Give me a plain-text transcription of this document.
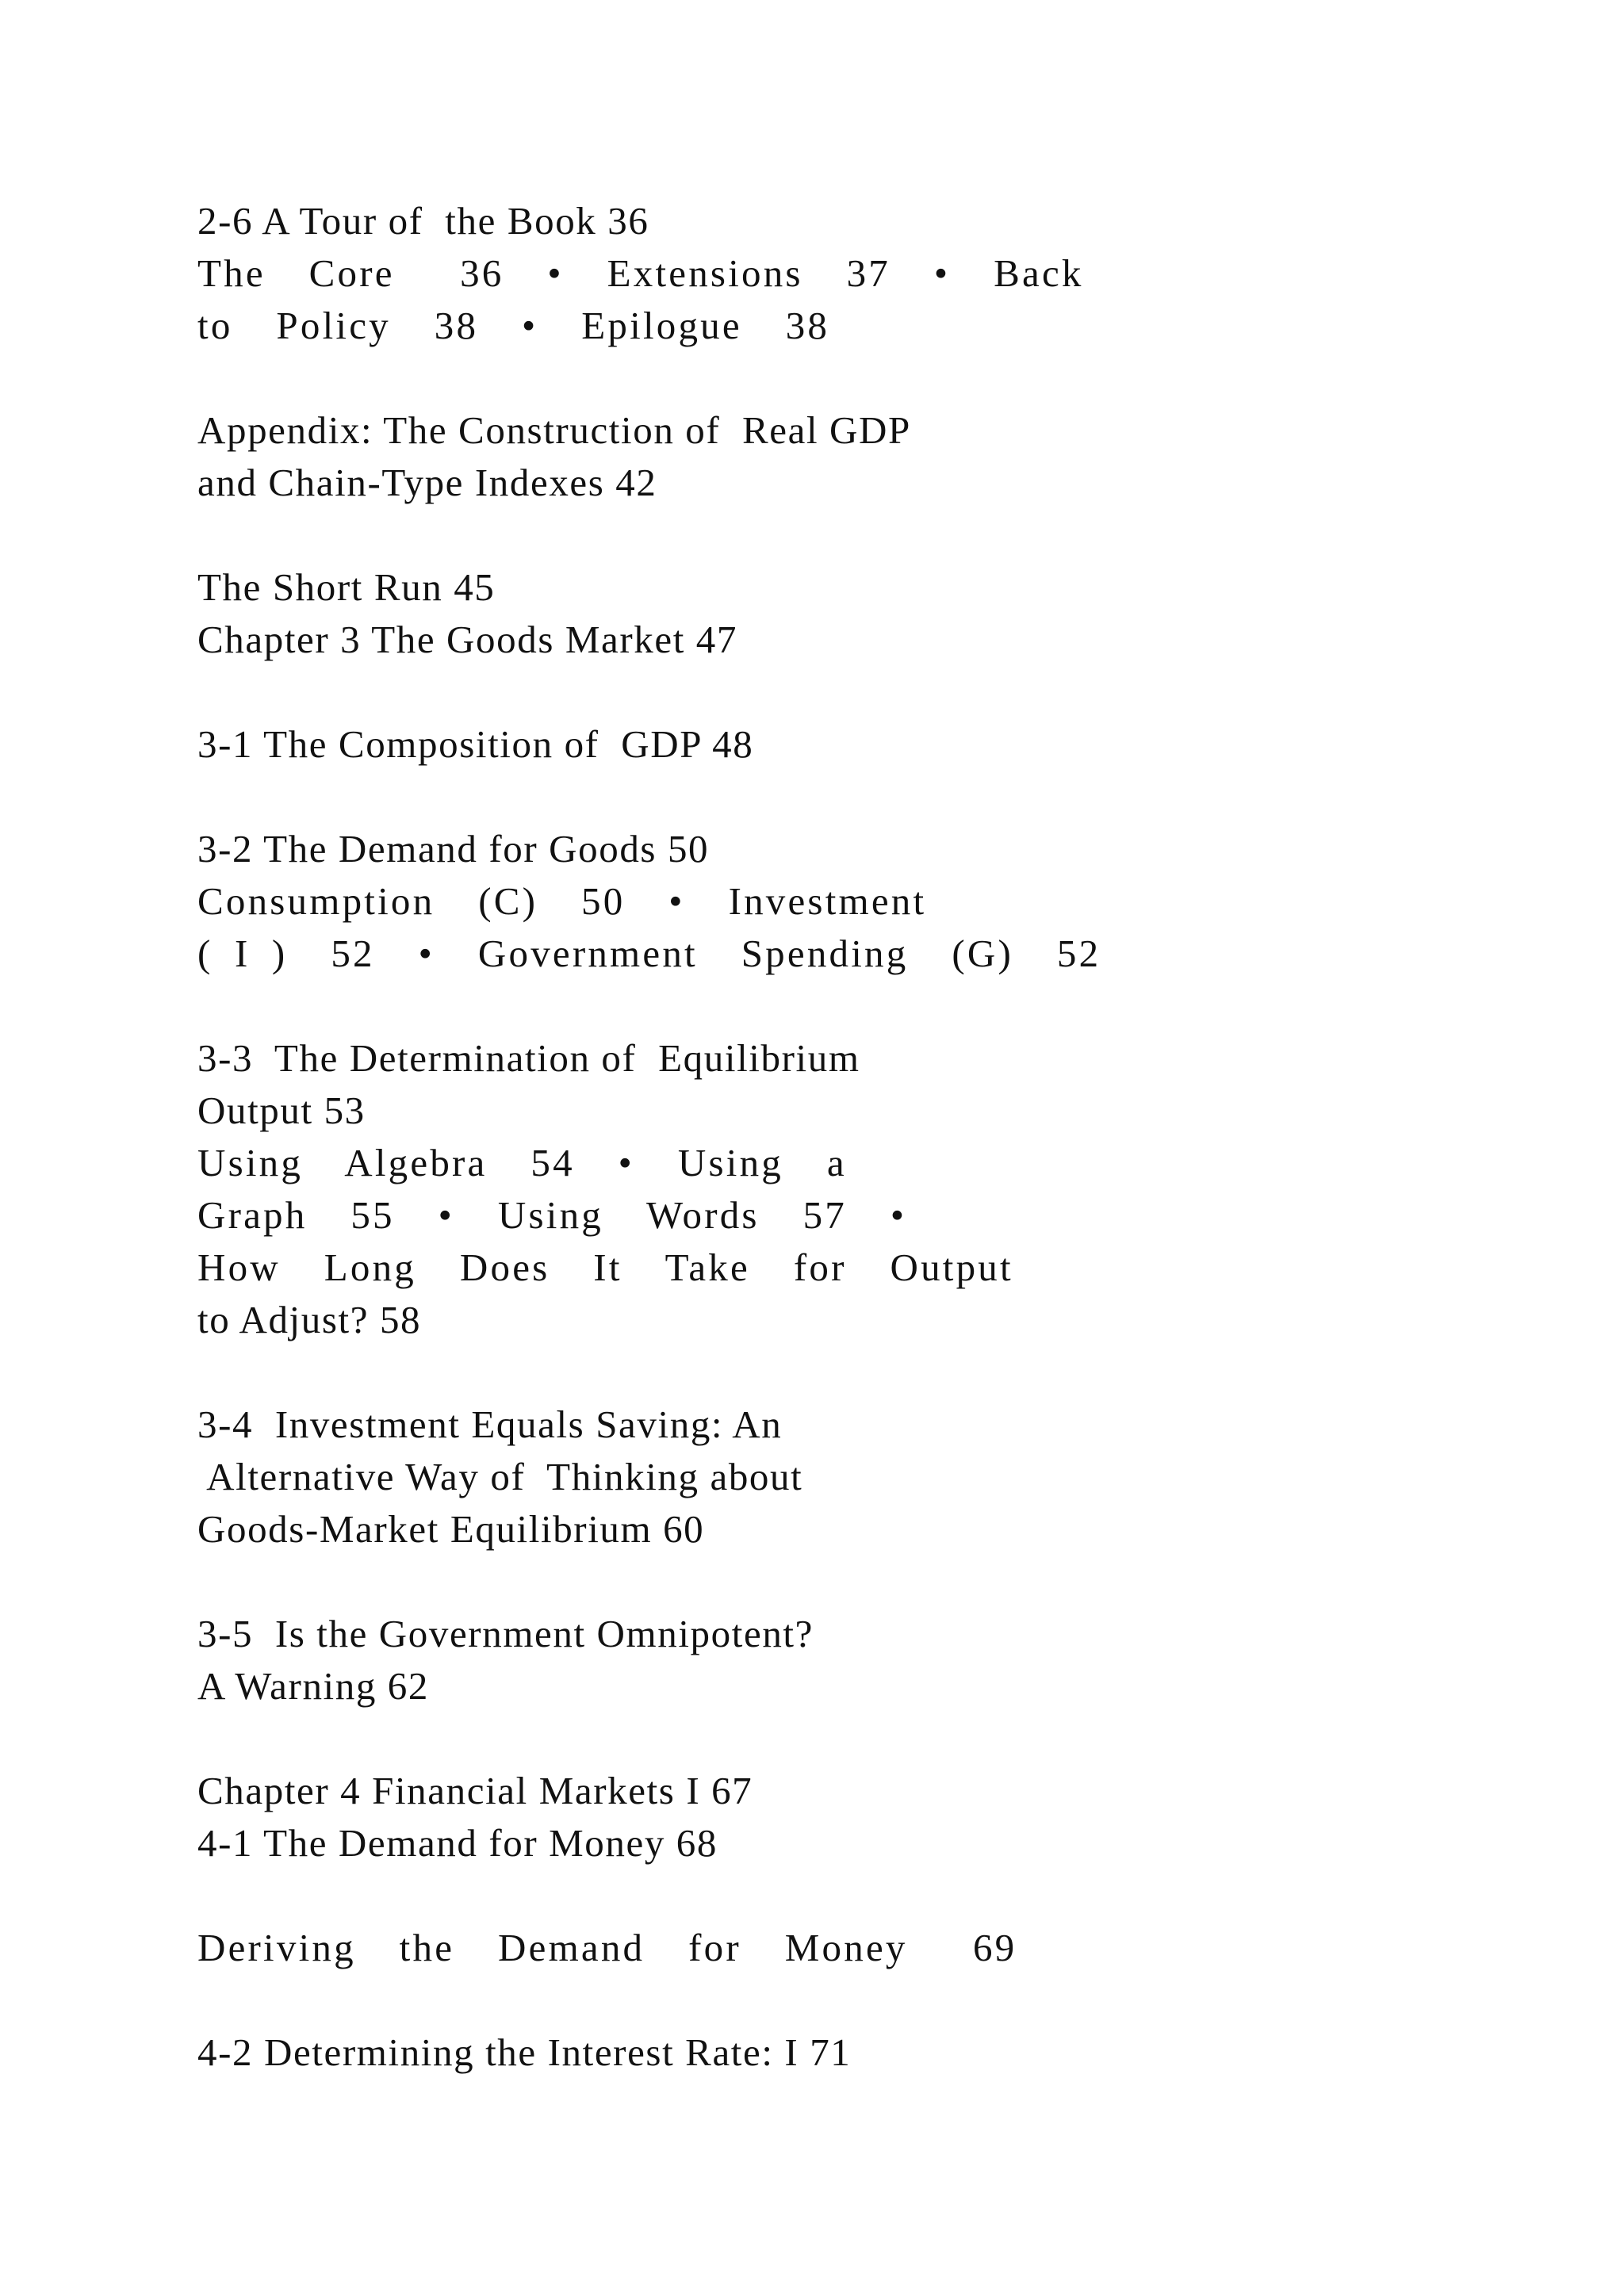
2-6 A Tour of  the Book 36
The  Core   36  •  Extensions  37  •  Back
to  Policy  38  •  Epilogue  38
Appendix: The Construction of  Real GDP
and Chain-Type Indexes 42
The Short Run 45
Chapter 3 The Goods Market 47
3-1 The Composition of  GDP 48
3-2 The Demand for Goods 50
Consumption  (C)  50  •  Investment
( I )  52  •  Government  Spending  (G)  52
3-3  The Determination of  Equilibrium
Output 53
Using  Algebra  54  •  Using  a
Graph  55  •  Using  Words  57  •
How  Long  Does  It  Take  for  Output
to Adjust? 58
3-4  Investment Equals Saving: An
Alternative Way of  Thinking about
Goods-Market Equilibrium 60
3-5  Is the Government Omnipotent?
A Warning 62
Chapter 4 Financial Markets I 67
4-1 The Demand for Money 68
Deriving  the  Demand  for  Money   69
4-2 Determining the Interest Rate: I 71
